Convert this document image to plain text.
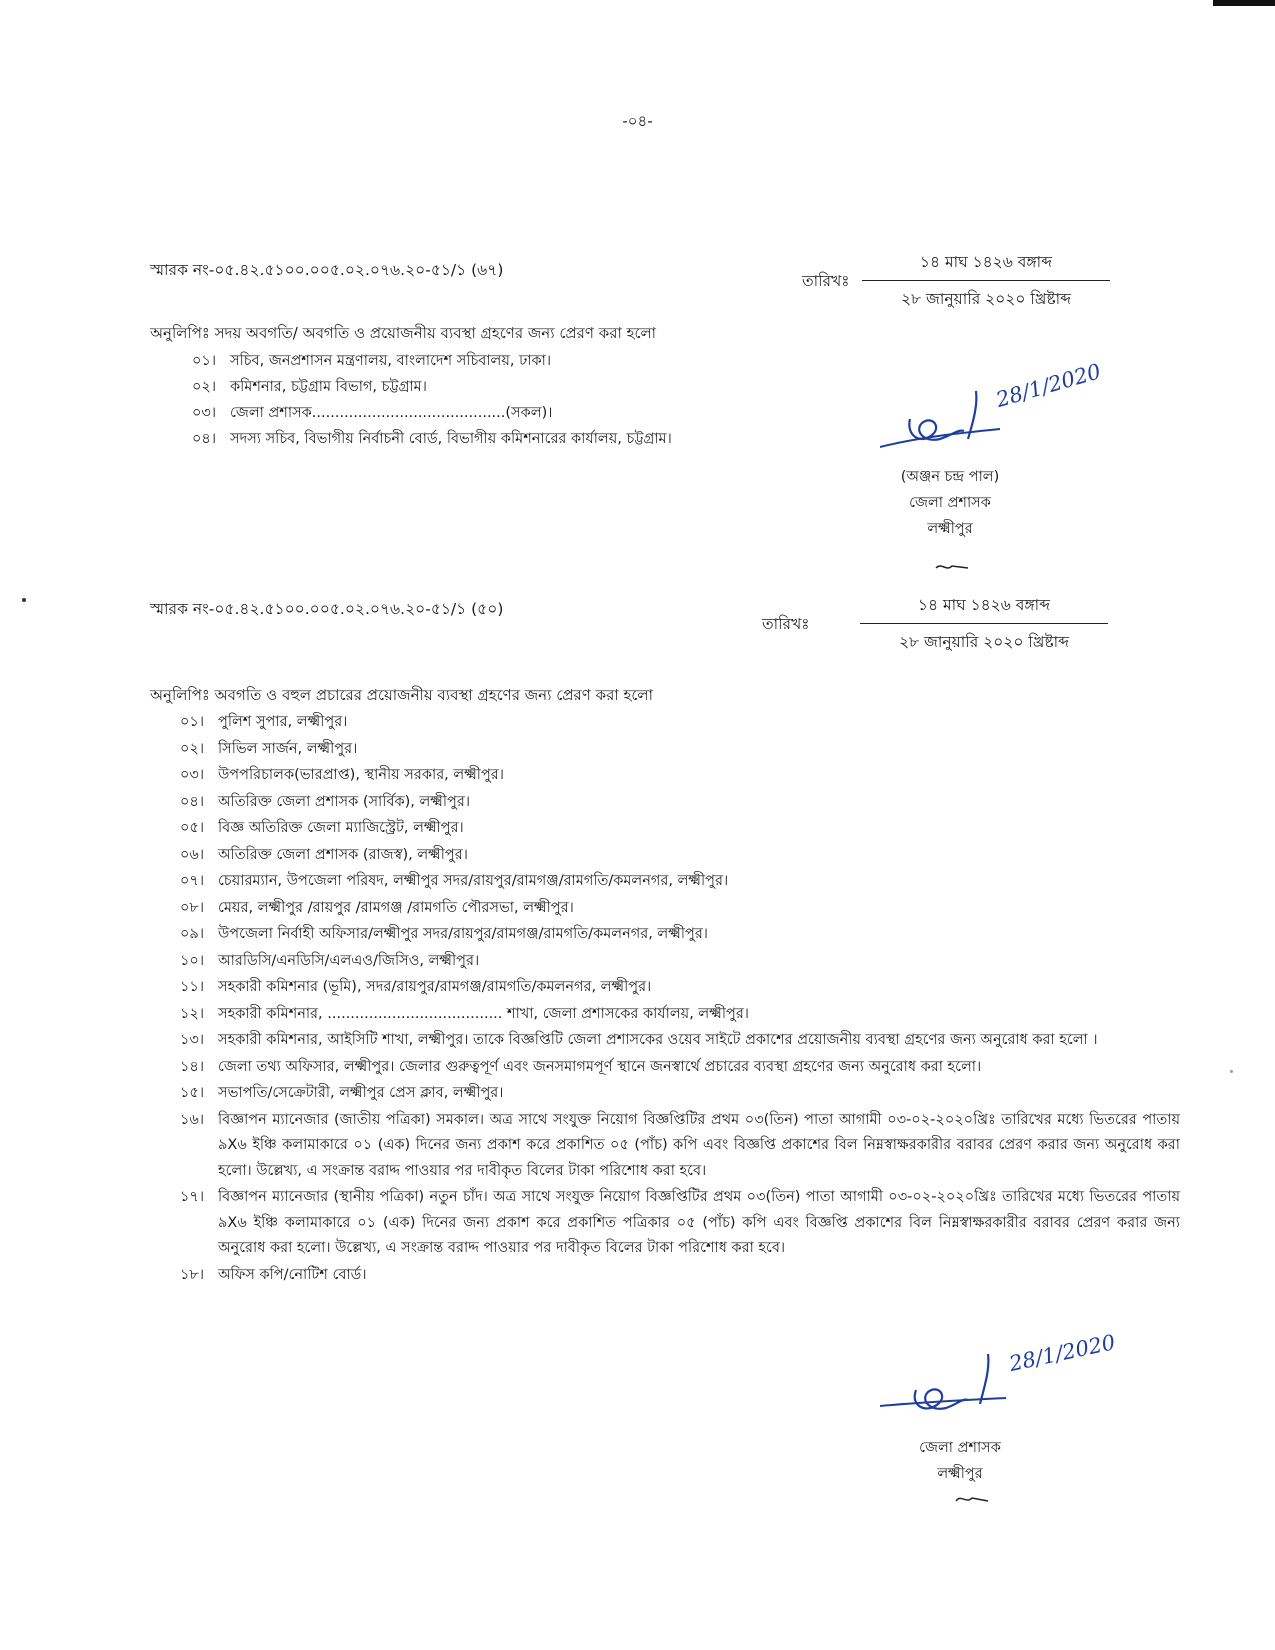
-০৪-
স্মারক নং-০৫.৪২.৫১০০.০০৫.০২.০৭৬.২০-৫১/১ (৬৭)
তারিখঃ
১৪ মাঘ ১৪২৬ বঙ্গাব্দ
২৮ জানুয়ারি ২০২০ খ্রিষ্টাব্দ
অনুলিপিঃ সদয় অবগতি/ অবগতি ও প্রয়োজনীয় ব্যবস্থা গ্রহণের জন্য প্রেরণ করা হলো
০১। সচিব, জনপ্রশাসন মন্ত্রণালয়, বাংলাদেশ সচিবালয়, ঢাকা।
০২। কমিশনার, চট্টগ্রাম বিভাগ, চট্টগ্রাম।
০৩। জেলা প্রশাসক..........................................(সকল)।
০৪। সদস্য সচিব, বিভাগীয় নির্বাচনী বোর্ড, বিভাগীয় কমিশনারের কার্যালয়, চট্টগ্রাম।
28/1/2020
(অঞ্জন চন্দ্র পাল)
জেলা প্রশাসক
লক্ষ্মীপুর
স্মারক নং-০৫.৪২.৫১০০.০০৫.০২.০৭৬.২০-৫১/১ (৫০)
তারিখঃ
১৪ মাঘ ১৪২৬ বঙ্গাব্দ
২৮ জানুয়ারি ২০২০ খ্রিষ্টাব্দ
অনুলিপিঃ অবগতি ও বহুল প্রচারের প্রয়োজনীয় ব্যবস্থা গ্রহণের জন্য প্রেরণ করা হলো
০১। পুলিশ সুপার, লক্ষ্মীপুর।
০২। সিভিল সার্জন, লক্ষ্মীপুর।
০৩। উপপরিচালক(ভারপ্রাপ্ত), স্থানীয় সরকার, লক্ষ্মীপুর।
০৪। অতিরিক্ত জেলা প্রশাসক (সার্বিক), লক্ষ্মীপুর।
০৫। বিজ্ঞ অতিরিক্ত জেলা ম্যাজিস্ট্রেট, লক্ষ্মীপুর।
০৬। অতিরিক্ত জেলা প্রশাসক (রাজস্ব), লক্ষ্মীপুর।
০৭। চেয়ারম্যান, উপজেলা পরিষদ, লক্ষ্মীপুর সদর/রায়পুর/রামগঞ্জ/রামগতি/কমলনগর, লক্ষ্মীপুর।
০৮। মেয়র, লক্ষ্মীপুর /রায়পুর /রামগঞ্জ /রামগতি পৌরসভা, লক্ষ্মীপুর।
০৯। উপজেলা নির্বাহী অফিসার/লক্ষ্মীপুর সদর/রায়পুর/রামগঞ্জ/রামগতি/কমলনগর, লক্ষ্মীপুর।
১০। আরডিসি/এনডিসি/এলএও/জিসিও, লক্ষ্মীপুর।
১১। সহকারী কমিশনার (ভূমি), সদর/রায়পুর/রামগঞ্জ/রামগতি/কমলনগর, লক্ষ্মীপুর।
১২। সহকারী কমিশনার, ...................................... শাখা, জেলা প্রশাসকের কার্যালয়, লক্ষ্মীপুর।
১৩। সহকারী কমিশনার, আইসিটি শাখা, লক্ষ্মীপুর। তাকে বিজ্ঞপ্তিটি জেলা প্রশাসকের ওয়েব সাইটে প্রকাশের প্রয়োজনীয় ব্যবস্থা গ্রহণের জন্য অনুরোধ করা হলো ।
১৪। জেলা তথ্য অফিসার, লক্ষ্মীপুর। জেলার গুরুত্বপূর্ণ এবং জনসমাগমপূর্ণ স্থানে জনস্বার্থে প্রচারের ব্যবস্থা গ্রহণের জন্য অনুরোধ করা হলো।
১৫। সভাপতি/সেক্রেটারী, লক্ষ্মীপুর প্রেস ক্লাব, লক্ষ্মীপুর।
১৬। বিজ্ঞাপন ম্যানেজার (জাতীয় পত্রিকা) সমকাল। অত্র সাথে সংযুক্ত নিয়োগ বিজ্ঞপ্তিটির প্রথম ০৩(তিন) পাতা আগামী ০৩-০২-২০২০খ্রিঃ তারিখের মধ্যে ভিতরের পাতায় ৯X৬ ইঞ্চি কলামাকারে ০১ (এক) দিনের জন্য প্রকাশ করে প্রকাশিত ০৫ (পাঁচ) কপি এবং বিজ্ঞপ্তি প্রকাশের বিল নিম্নস্বাক্ষরকারীর বরাবর প্রেরণ করার জন্য অনুরোধ করা হলো। উল্লেখ্য, এ সংক্রান্ত বরাদ্দ পাওয়ার পর দাবীকৃত বিলের টাকা পরিশোধ করা হবে।
১৭। বিজ্ঞাপন ম্যানেজার (স্থানীয় পত্রিকা) নতুন চাঁদ। অত্র সাথে সংযুক্ত নিয়োগ বিজ্ঞপ্তিটির প্রথম ০৩(তিন) পাতা আগামী ০৩-০২-২০২০খ্রিঃ তারিখের মধ্যে ভিতরের পাতায় ৯X৬ ইঞ্চি কলামাকারে ০১ (এক) দিনের জন্য প্রকাশ করে প্রকাশিত পত্রিকার ০৫ (পাঁচ) কপি এবং বিজ্ঞপ্তি প্রকাশের বিল নিম্নস্বাক্ষরকারীর বরাবর প্রেরণ করার জন্য অনুরোধ করা হলো। উল্লেখ্য, এ সংক্রান্ত বরাদ্দ পাওয়ার পর দাবীকৃত বিলের টাকা পরিশোধ করা হবে।
১৮। অফিস কপি/নোটিশ বোর্ড।
28/1/2020
জেলা প্রশাসক
লক্ষ্মীপুর
